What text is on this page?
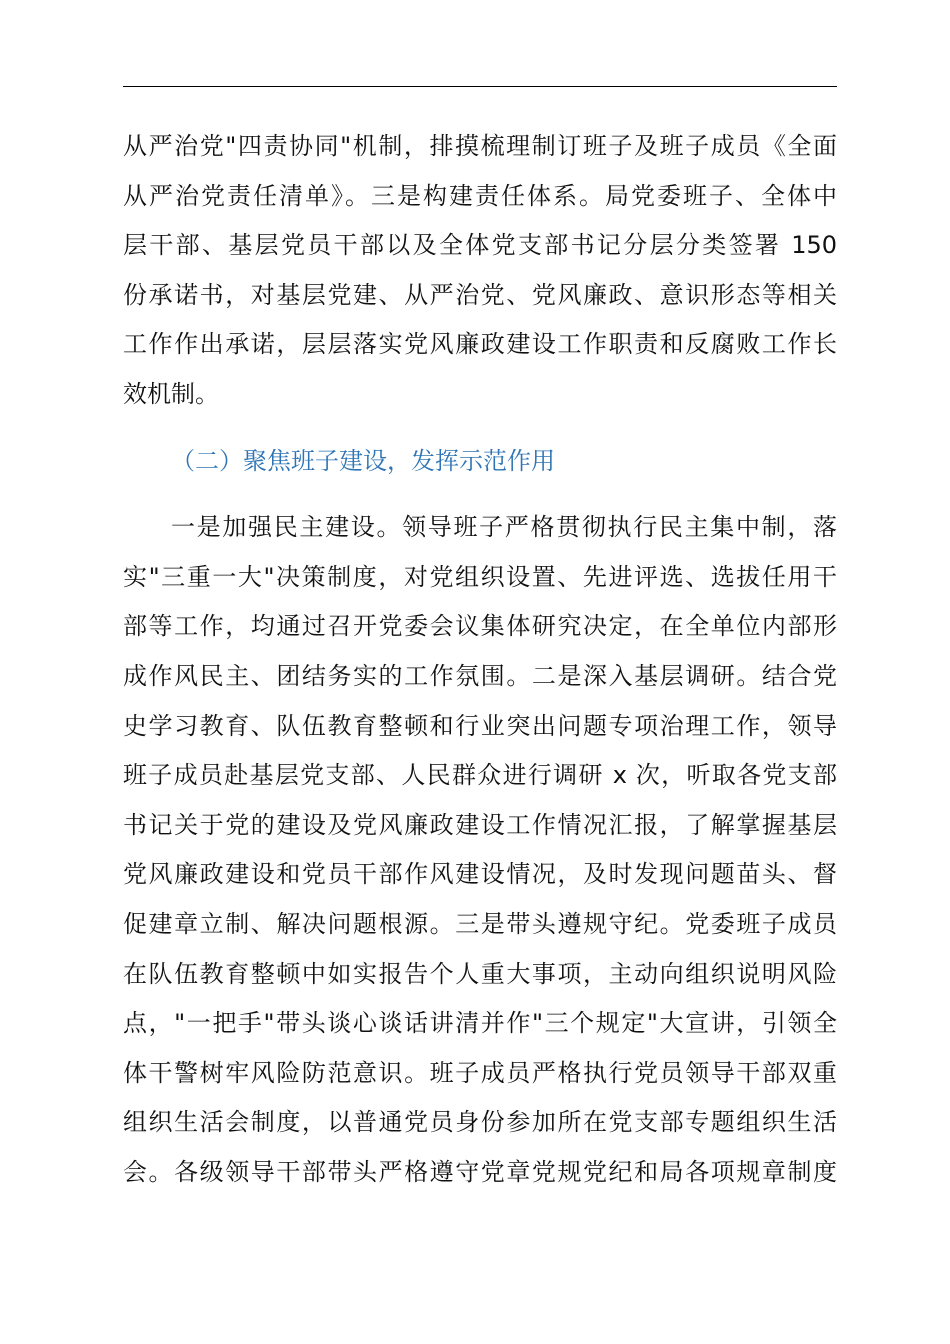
从严治党"四责协同"机制，排摸梳理制订班子及班子成员《全面
从严治党责任清单》。三是构建责任体系。局党委班子、全体中
层干部、基层党员干部以及全体党支部书记分层分类签署 150
份承诺书，对基层党建、从严治党、党风廉政、意识形态等相关
工作作出承诺，层层落实党风廉政建设工作职责和反腐败工作长
效机制。
（二）聚焦班子建设，发挥示范作用
一是加强民主建设。领导班子严格贯彻执行民主集中制，落
实"三重一大"决策制度，对党组织设置、先进评选、选拔任用干
部等工作，均通过召开党委会议集体研究决定，在全单位内部形
成作风民主、团结务实的工作氛围。二是深入基层调研。结合党
史学习教育、队伍教育整顿和行业突出问题专项治理工作，领导
班子成员赴基层党支部、人民群众进行调研 x 次，听取各党支部
书记关于党的建设及党风廉政建设工作情况汇报，了解掌握基层
党风廉政建设和党员干部作风建设情况，及时发现问题苗头、督
促建章立制、解决问题根源。三是带头遵规守纪。党委班子成员
在队伍教育整顿中如实报告个人重大事项，主动向组织说明风险
点，"一把手"带头谈心谈话讲清并作"三个规定"大宣讲，引领全
体干警树牢风险防范意识。班子成员严格执行党员领导干部双重
组织生活会制度，以普通党员身份参加所在党支部专题组织生活
会。各级领导干部带头严格遵守党章党规党纪和局各项规章制度
